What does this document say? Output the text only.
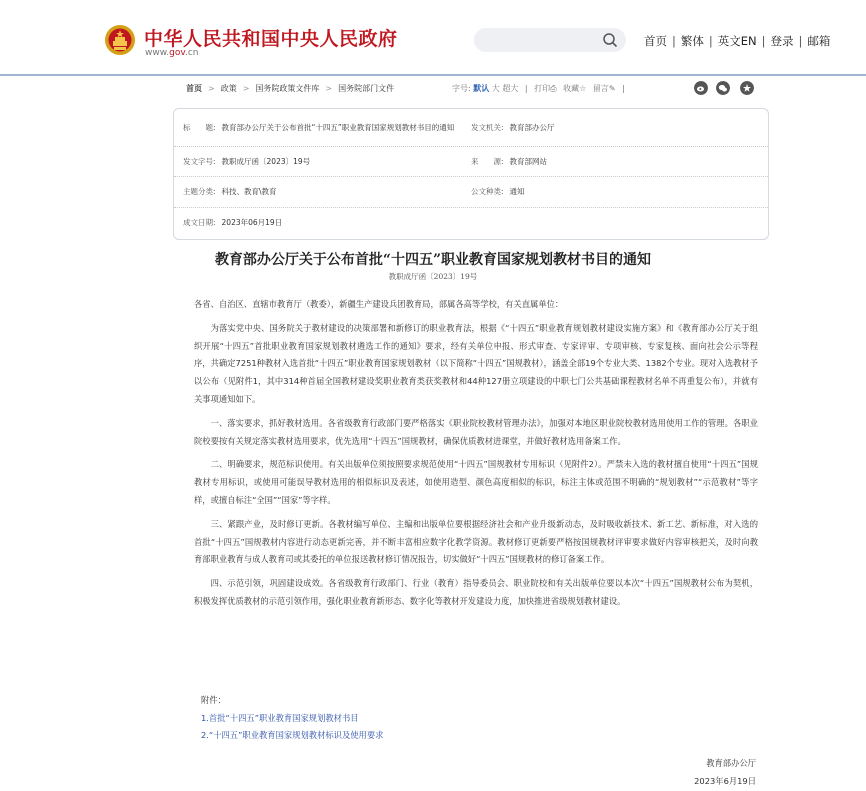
中华人民共和国中央人民政府
www.gov.cn
首页 | 繁体 | 英文EN | 登录 | 邮箱
首页 > 政策 > 国务院政策文件库 > 国务院部门文件	字号: 默认 大 超大 | 打印⎙ 收藏☆ 留言✎ |
标　　题: 教育部办公厅关于公布首批“十四五”职业教育国家规划教材书目的通知 发文机关: 教育部办公厅
发文字号: 教职成厅函〔2023〕19号	来　　源: 教育部网站
主题分类: 科技、教育\教育	公文种类: 通知
成文日期: 2023年06月19日
教育部办公厅关于公布首批“十四五”职业教育国家规划教材书目的通知
教职成厅函〔2023〕19号

各省、自治区、直辖市教育厅（教委），新疆生产建设兵团教育局，部属各高等学校，有关直属单位：

为落实党中央、国务院关于教材建设的决策部署和新修订的职业教育法，根据《“十四五”职业教育规划教材建设实施方案》和《教育部办公厅关于组织开展“十四五”首批职业教育国家规划教材遴选工作的通知》要求，经有关单位申报、形式审查、专家评审、专项审核、专家复核、面向社会公示等程序，共确定7251种教材入选首批“十四五”职业教育国家规划教材（以下简称“十四五”国规教材），涵盖全部19个专业大类、1382个专业。现对入选教材予以公布（见附件1，其中314种首届全国教材建设奖职业教育类获奖教材和44种127册立项建设的中职七门公共基础课程教材名单不再重复公布），并就有关事项通知如下。

一、落实要求，抓好教材选用。各省级教育行政部门要严格落实《职业院校教材管理办法》，加强对本地区职业院校教材选用使用工作的管理。各职业院校要按有关规定落实教材选用要求，优先选用“十四五”国规教材，确保优质教材进课堂，并做好教材选用备案工作。

二、明确要求，规范标识使用。有关出版单位须按照要求规范使用“十四五”国规教材专用标识（见附件2）。严禁未入选的教材擅自使用“十四五”国规教材专用标识，或使用可能误导教材选用的相似标识及表述，如使用造型、颜色高度相似的标识，标注主体或范围不明确的“规划教材”“示范教材”等字样，或擅自标注“全国”“国家”等字样。

三、紧跟产业，及时修订更新。各教材编写单位、主编和出版单位要根据经济社会和产业升级新动态，及时吸收新技术、新工艺、新标准，对入选的首批“十四五”国规教材内容进行动态更新完善，并不断丰富相应数字化教学资源。教材修订更新要严格按国规教材评审要求做好内容审核把关，及时向教育部职业教育与成人教育司或其委托的单位报送教材修订情况报告，切实做好“十四五”国规教材的修订备案工作。

四、示范引领，巩固建设成效。各省级教育行政部门、行业（教育）指导委员会、职业院校和有关出版单位要以本次“十四五”国规教材公布为契机，积极发挥优质教材的示范引领作用，强化职业教育新形态、数字化等教材开发建设力度，加快推进省级规划教材建设。

附件：
1.首批“十四五”职业教育国家规划教材书目
2.“十四五”职业教育国家规划教材标识及使用要求
教育部办公厅
2023年6月19日
